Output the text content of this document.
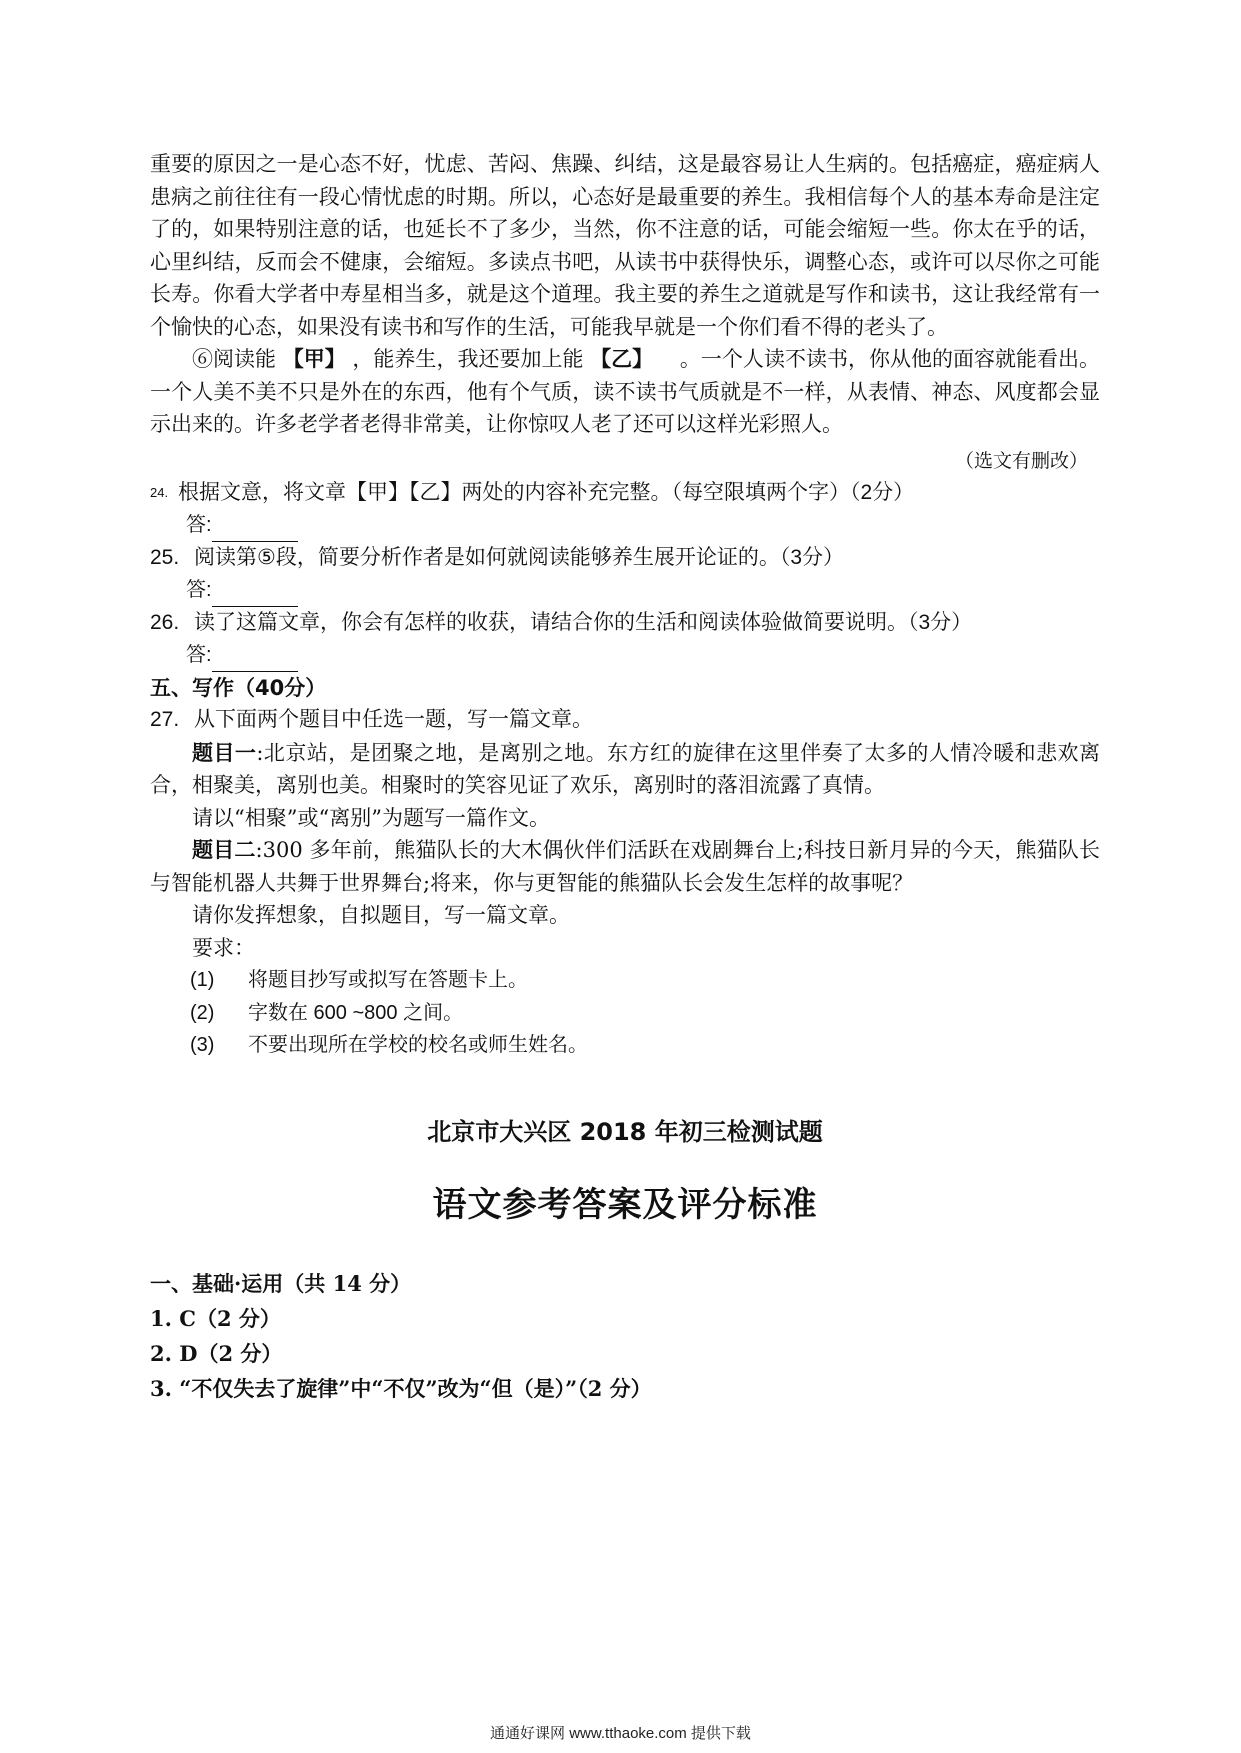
重要的原因之一是心态不好，忧虑、苦闷、焦躁、纠结，这是最容易让人生病的。包括癌症，癌症病人患病之前往往有一段心情忧虑的时期。所以，心态好是最重要的养生。我相信每个人的基本寿命是注定了的，如果特别注意的话，也延长不了多少，当然，你不注意的话，可能会缩短一些。你太在乎的话，心里纠结，反而会不健康，会缩短。多读点书吧，从读书中获得快乐，调整心态，或许可以尽你之可能长寿。你看大学者中寿星相当多，就是这个道理。我主要的养生之道就是写作和读书，这让我经常有一个愉快的心态，如果没有读书和写作的生活，可能我早就是一个你们看不得的老头了。

⑥阅读能 【甲】 ，能养生，我还要加上能 【乙】 。一个人读不读书，你从他的面容就能看出。一个人美不美不只是外在的东西，他有个气质，读不读书气质就是不一样，从表情、神态、风度都会显示出来的。许多老学者老得非常美，让你惊叹人老了还可以这样光彩照人。

（选文有删改）

24. 根据文意，将文章【甲】【乙】两处的内容补充完整。（每空限填两个字）（2分）

答:

25. 阅读第⑤段，简要分析作者是如何就阅读能够养生展开论证的。（3分）

答:

26. 读了这篇文章，你会有怎样的收获，请结合你的生活和阅读体验做简要说明。（3分）

答:

五、写作（40分）

27. 从下面两个题目中任选一题，写一篇文章。

题目一:北京站，是团聚之地，是离别之地。东方红的旋律在这里伴奏了太多的人情冷暖和悲欢离合，相聚美，离别也美。相聚时的笑容见证了欢乐，离别时的落泪流露了真情。

请以“相聚”或“离别”为题写一篇作文。

题目二:300 多年前，熊猫队长的大木偶伙伴们活跃在戏剧舞台上;科技日新月异的今天，熊猫队长与智能机器人共舞于世界舞台;将来，你与更智能的熊猫队长会发生怎样的故事呢？

请你发挥想象，自拟题目，写一篇文章。

要求：

(1) 将题目抄写或拟写在答题卡上。
(2) 字数在 600 ~800 之间。
(3) 不要出现所在学校的校名或师生姓名。
北京市大兴区 2018 年初三检测试题
语文参考答案及评分标准

一、基础·运用（共 14 分）

1. C（2 分）

2. D（2 分）

3. “不仅失去了旋律”中“不仅”改为“但（是）”（2 分）

通通好课网 www.tthaoke.com 提供下载
